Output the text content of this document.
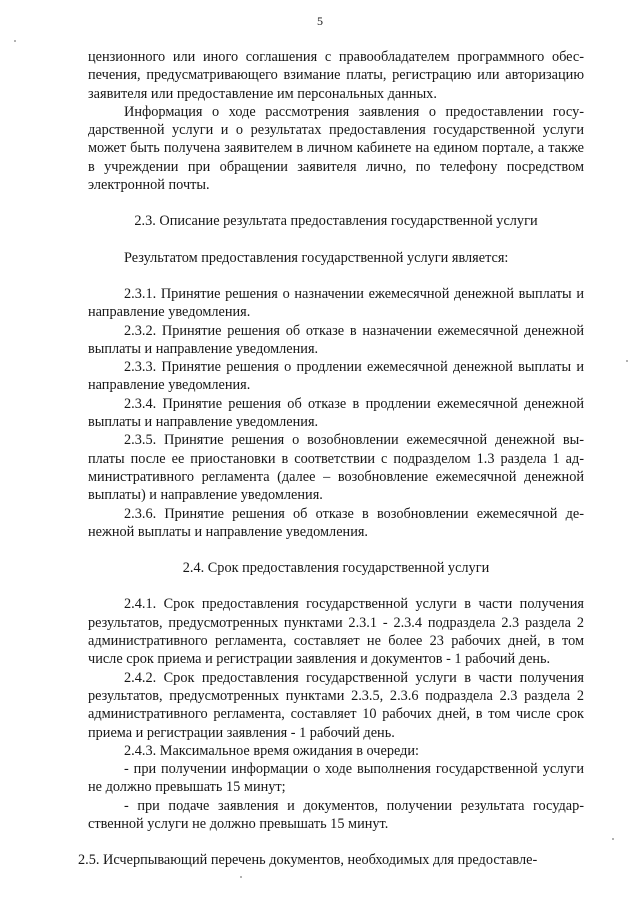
5

цензионного или иного соглашения с правообладателем программного обеспечения, предусматривающего взимание платы, регистрацию или авторизацию заявителя или предоставление им персональных данных.

Информация о ходе рассмотрения заявления о предоставлении государственной услуги и о результатах предоставления государственной услуги может быть получена заявителем в личном кабинете на едином портале, а также в учреждении при обращении заявителя лично, по телефону посредством электронной почты.

2.3. Описание результата предоставления государственной услуги

Результатом предоставления государственной услуги является:

2.3.1. Принятие решения о назначении ежемесячной денежной выплаты и направление уведомления.

2.3.2. Принятие решения об отказе в назначении ежемесячной денежной выплаты и направление уведомления.

2.3.3. Принятие решения о продлении ежемесячной денежной выплаты и направление уведомления.

2.3.4. Принятие решения об отказе в продлении ежемесячной денежной выплаты и направление уведомления.

2.3.5. Принятие решения о возобновлении ежемесячной денежной выплаты после ее приостановки в соответствии с подразделом 1.3 раздела 1 административного регламента (далее – возобновление ежемесячной денежной выплаты) и направление уведомления.

2.3.6. Принятие решения об отказе в возобновлении ежемесячной денежной выплаты и направление уведомления.

2.4. Срок предоставления государственной услуги

2.4.1. Срок предоставления государственной услуги в части получения результатов, предусмотренных пунктами 2.3.1 - 2.3.4 подраздела 2.3 раздела 2 административного регламента, составляет не более 23 рабочих дней, в том числе срок приема и регистрации заявления и документов - 1 рабочий день.

2.4.2. Срок предоставления государственной услуги в части получения результатов, предусмотренных пунктами 2.3.5, 2.3.6 подраздела 2.3 раздела 2 административного регламента, составляет 10 рабочих дней, в том числе срок приема и регистрации заявления - 1 рабочий день.

2.4.3. Максимальное время ожидания в очереди:

- при получении информации о ходе выполнения государственной услуги не должно превышать 15 минут;

- при подаче заявления и документов, получении результата государственной услуги не должно превышать 15 минут.

2.5. Исчерпывающий перечень документов, необходимых для предоставле-
